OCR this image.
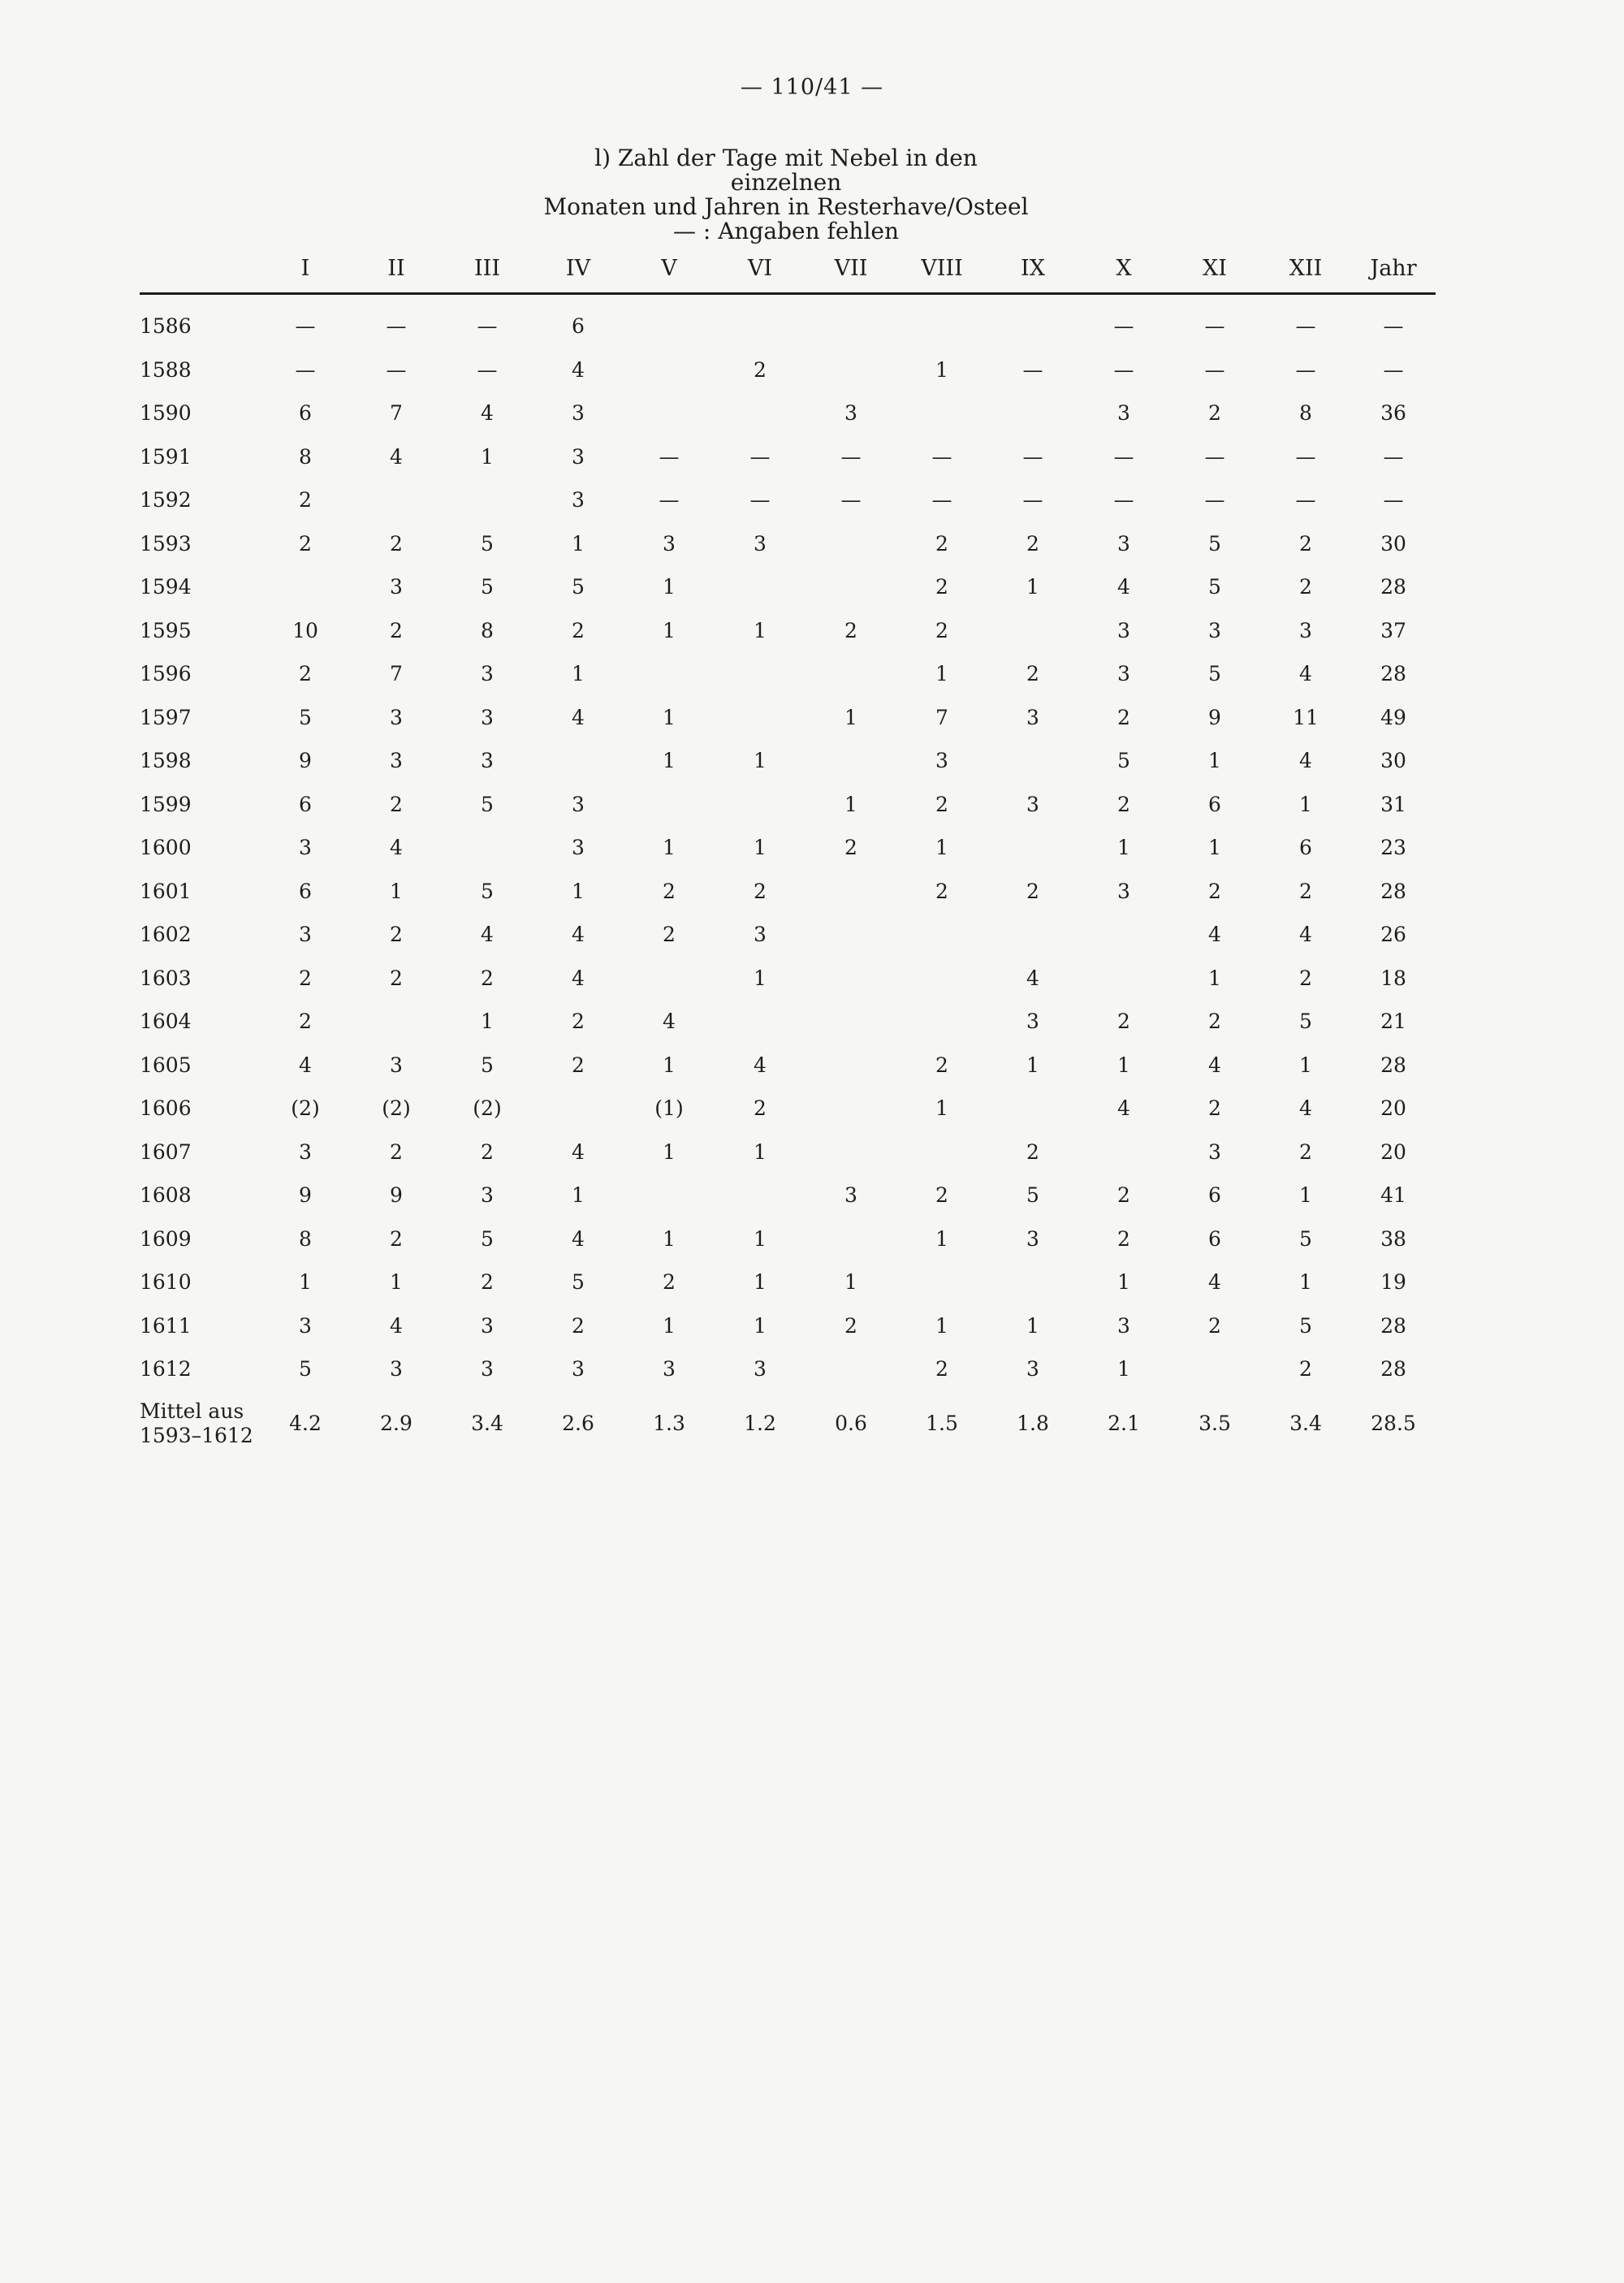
— 110/41 —
l) Zahl der Tage mit Nebel in den einzelnen
Monaten und Jahren in Resterhave/Osteel
— : Angaben fehlen
	I	II	III	IV	V	VI	VII	VIII	IX	X	XI	XII	Jahr
1586	—	—	—	6						—	—	—	—
1588	—	—	—	4		2		1	—	—	—	—	—
1590	6	7	4	3			3			3	2	8	36
1591	8	4	1	3	—	—	—	—	—	—	—	—	—
1592	2			3	—	—	—	—	—	—	—	—	—
1593	2	2	5	1	3	3		2	2	3	5	2	30
1594		3	5	5	1			2	1	4	5	2	28
1595	10	2	8	2	1	1	2	2		3	3	3	37
1596	2	7	3	1				1	2	3	5	4	28
1597	5	3	3	4	1		1	7	3	2	9	11	49
1598	9	3	3		1	1		3		5	1	4	30
1599	6	2	5	3			1	2	3	2	6	1	31
1600	3	4		3	1	1	2	1		1	1	6	23
1601	6	1	5	1	2	2		2	2	3	2	2	28
1602	3	2	4	4	2	3					4	4	26
1603	2	2	2	4		1			4		1	2	18
1604	2		1	2	4				3	2	2	5	21
1605	4	3	5	2	1	4		2	1	1	4	1	28
1606	(2)	(2)	(2)		(1)	2		1		4	2	4	20
1607	3	2	2	4	1	1			2		3	2	20
1608	9	9	3	1			3	2	5	2	6	1	41
1609	8	2	5	4	1	1		1	3	2	6	5	38
1610	1	1	2	5	2	1	1			1	4	1	19
1611	3	4	3	2	1	1	2	1	1	3	2	5	28
1612	5	3	3	3	3	3		2	3	1		2	28

Mittel aus
1593–1612	4.2	2.9	3.4	2.6	1.3	1.2	0.6	1.5	1.8	2.1	3.5	3.4	28.5
